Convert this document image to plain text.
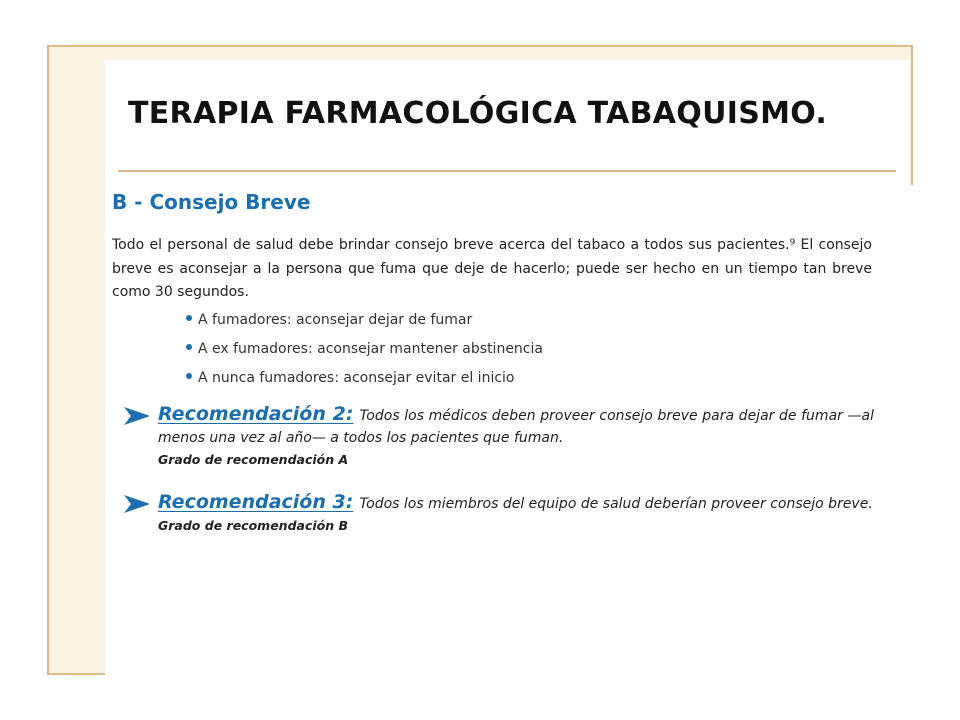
TERAPIA FARMACOLÓGICA TABAQUISMO.
B - Consejo Breve

Todo el personal de salud debe brindar consejo breve acerca del tabaco a todos sus pacientes.⁹ El consejo breve es aconsejar a la persona que fuma que deje de hacerlo; puede ser hecho en un tiempo tan breve como 30 segundos.

A fumadores: aconsejar dejar de fumar
A ex fumadores: aconsejar mantener abstinencia
A nunca fumadores: aconsejar evitar el inicio
Recomendación 2: Todos los médicos deben proveer consejo breve para dejar de fumar —al menos una vez al año— a todos los pacientes que fuman.
Grado de recomendación A
Recomendación 3: Todos los miembros del equipo de salud deberían proveer consejo breve.
Grado de recomendación B
